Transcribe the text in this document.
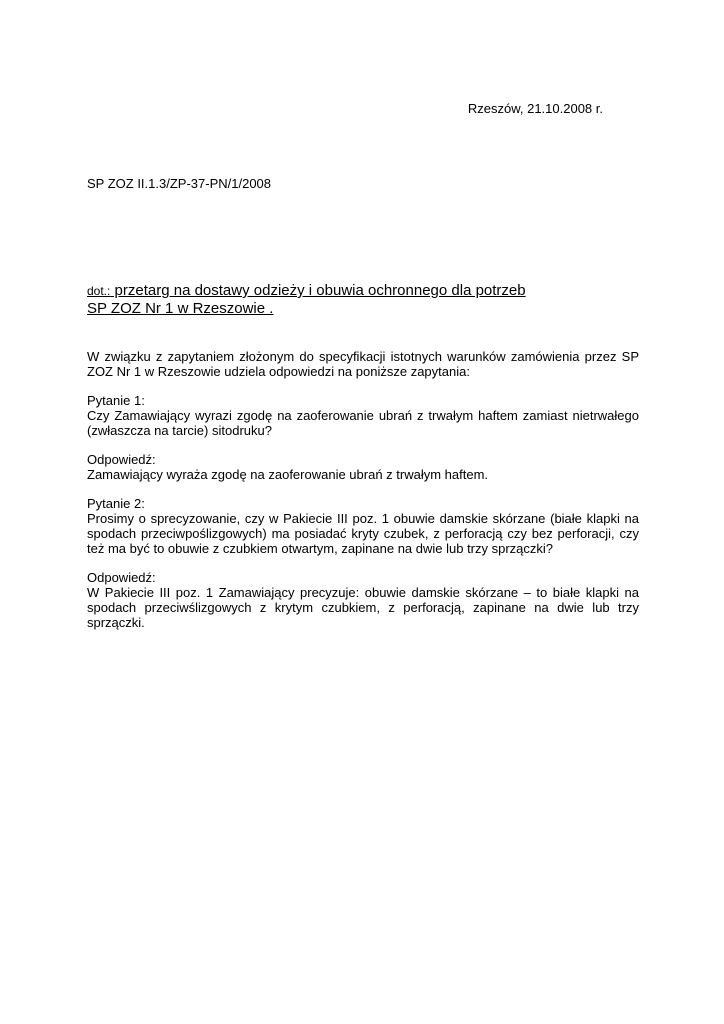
Rzeszów, 21.10.2008 r.
SP ZOZ II.1.3/ZP-37-PN/1/2008
dot.: przetarg na dostawy odzieży i obuwia ochronnego dla potrzeb
SP ZOZ Nr 1 w Rzeszowie .

W związku z zapytaniem złożonym do specyfikacji istotnych warunków zamówienia przez SP ZOZ Nr 1 w Rzeszowie udziela odpowiedzi na poniższe zapytania:

Pytanie 1:
Czy Zamawiający wyrazi zgodę na zaoferowanie ubrań z trwałym haftem zamiast nietrwałego (zwłaszcza na tarcie) sitodruku?

Odpowiedź:
Zamawiający wyraża zgodę na zaoferowanie ubrań z trwałym haftem.

Pytanie 2:
Prosimy o sprecyzowanie, czy w Pakiecie III poz. 1 obuwie damskie skórzane (białe klapki na spodach przeciwpoślizgowych) ma posiadać kryty czubek, z perforacją czy bez perforacji, czy też ma być to obuwie z czubkiem otwartym, zapinane na dwie lub trzy sprzączki?

Odpowiedź:
W Pakiecie III poz. 1 Zamawiający precyzuje: obuwie damskie skórzane – to białe klapki na spodach przeciwślizgowych z krytym czubkiem, z perforacją, zapinane na dwie lub trzy sprzączki.
